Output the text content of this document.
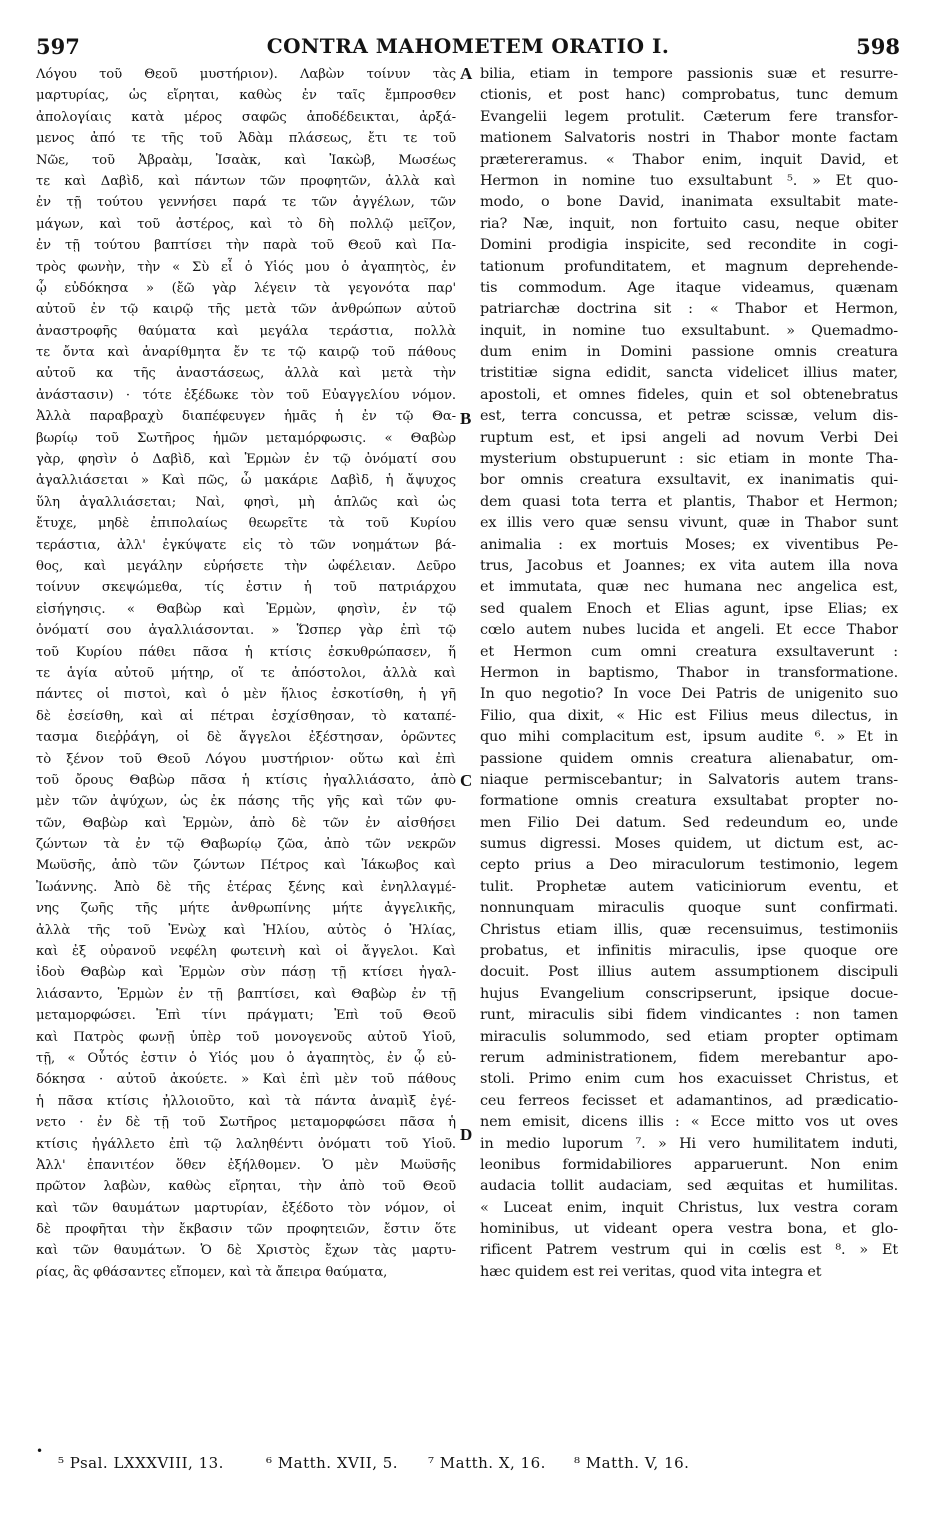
597	CONTRA MAHOMETEM ORATIO I.	598
Λόγου τοῦ Θεοῦ μυστήριον). Λαβὼν τοίνυν τὰς
μαρτυρίας, ὡς εἴρηται, καθὼς ἐν ταῖς ἔμπροσθεν
ἀπολογίαις κατὰ μέρος σαφῶς ἀποδέδεικται, ἀρξά-
μενος ἀπό τε τῆς τοῦ Ἀδὰμ πλάσεως, ἔτι τε τοῦ
Νῶε, τοῦ Ἀβραὰμ, Ἰσαὰκ, καὶ Ἰακὼβ, Μωσέως
τε καὶ Δαβὶδ, καὶ πάντων τῶν προφητῶν, ἀλλὰ καὶ
ἐν τῇ τούτου γεννήσει παρά τε τῶν ἀγγέλων, τῶν
μάγων, καὶ τοῦ ἀστέρος, καὶ τὸ δὴ πολλῷ μεῖζον,
ἐν τῇ τούτου βαπτίσει τὴν παρὰ τοῦ Θεοῦ καὶ Πα-
τρὸς φωνὴν, τὴν « Σὺ εἶ ὁ Υἱός μου ὁ ἀγαπητὸς, ἐν
ᾧ εὐδόκησα » (ἔῶ γὰρ λέγειν τὰ γεγονότα παρ'
αὐτοῦ ἐν τῷ καιρῷ τῆς μετὰ τῶν ἀνθρώπων αὐτοῦ
ἀναστροφῆς θαύματα καὶ μεγάλα τεράστια, πολλὰ
τε ὄντα καὶ ἀναρίθμητα ἔν τε τῷ καιρῷ τοῦ πάθους
αὐτοῦ κα τῆς ἀναστάσεως, ἀλλὰ καὶ μετὰ τὴν
ἀνάστασιν) · τότε ἐξέδωκε τὸν τοῦ Εὐαγγελίου νόμον.
Ἀλλὰ παραβραχὺ διαπέφευγεν ἡμᾶς ἡ ἐν τῷ Θα-
βωρίῳ τοῦ Σωτῆρος ἡμῶν μεταμόρφωσις. « Θαβὼρ
γὰρ, φησὶν ὁ Δαβὶδ, καὶ Ἑρμὼν ἐν τῷ ὀνόματί σου
ἀγαλλιάσεται » Καὶ πῶς, ὦ μακάριε Δαβὶδ, ἡ ἄψυχος
ὕλη ἀγαλλιάσεται; Ναὶ, φησὶ, μὴ ἁπλῶς καὶ ὡς
ἔτυχε, μηδὲ ἐπιπολαίως θεωρεῖτε τὰ τοῦ Κυρίου
τεράστια, ἀλλ' ἐγκύψατε εἰς τὸ τῶν νοημάτων βά-
θος, καὶ μεγάλην εὑρήσετε τὴν ὠφέλειαν. Δεῦρο
τοίνυν σκεψώμεθα, τίς ἐστιν ἡ τοῦ πατριάρχου
εἰσήγησις. « Θαβὼρ καὶ Ἑρμὼν, φησὶν, ἐν τῷ
ὀνόματί σου ἀγαλλιάσονται. » Ὥσπερ γὰρ ἐπὶ τῷ
τοῦ Κυρίου πάθει πᾶσα ἡ κτίσις ἐσκυθρώπασεν, ἥ
τε ἁγία αὐτοῦ μήτηρ, οἵ τε ἀπόστολοι, ἀλλὰ καὶ
πάντες οἱ πιστοὶ, καὶ ὁ μὲν ἥλιος ἐσκοτίσθη, ἡ γῆ
δὲ ἐσείσθη, καὶ αἱ πέτραι ἐσχίσθησαν, τὸ καταπέ-
τασμα διεῤῥάγη, οἱ δὲ ἄγγελοι ἐξέστησαν, ὁρῶντες
τὸ ξένον τοῦ Θεοῦ Λόγου μυστήριον· οὕτω καὶ ἐπὶ
τοῦ ὄρους Θαβὼρ πᾶσα ἡ κτίσις ἠγαλλιάσατο, ἀπὸ
μὲν τῶν ἀψύχων, ὡς ἐκ πάσης τῆς γῆς καὶ τῶν φυ-
τῶν, Θαβὼρ καὶ Ἑρμὼν, ἀπὸ δὲ τῶν ἐν αἰσθήσει
ζώντων τὰ ἐν τῷ Θαβωρίῳ ζῶα, ἀπὸ τῶν νεκρῶν
Μωϋσῆς, ἀπὸ τῶν ζώντων Πέτρος καὶ Ἰάκωβος καὶ
Ἰωάννης. Ἀπὸ δὲ τῆς ἑτέρας ξένης καὶ ἐνηλλαγμέ-
νης ζωῆς τῆς μήτε ἀνθρωπίνης μήτε ἀγγελικῆς,
ἀλλὰ τῆς τοῦ Ἐνὼχ καὶ Ἠλίου, αὐτὸς ὁ Ἠλίας,
καὶ ἐξ οὐρανοῦ νεφέλη φωτεινὴ καὶ οἱ ἄγγελοι. Καὶ
ἰδοὺ Θαβὼρ καὶ Ἑρμὼν σὺν πάσῃ τῇ κτίσει ἠγαλ-
λιάσαντο, Ἑρμὼν ἐν τῇ βαπτίσει, καὶ Θαβὼρ ἐν τῇ
μεταμορφώσει. Ἐπὶ τίνι πράγματι; Ἐπὶ τοῦ Θεοῦ
καὶ Πατρὸς φωνῇ ὑπὲρ τοῦ μονογενοῦς αὐτοῦ Υἱοῦ,
τῇ, « Οὗτός ἐστιν ὁ Υἱός μου ὁ ἀγαπητὸς, ἐν ᾧ εὐ-
δόκησα · αὐτοῦ ἀκούετε. » Καὶ ἐπὶ μὲν τοῦ πάθους
ἡ πᾶσα κτίσις ἠλλοιοῦτο, καὶ τὰ πάντα ἀναμὶξ ἐγέ-
νετο · ἐν δὲ τῇ τοῦ Σωτῆρος μεταμορφώσει πᾶσα ἡ
κτίσις ἠγάλλετο ἐπὶ τῷ λαληθέντι ὀνόματι τοῦ Υἱοῦ.
Ἀλλ' ἐπανιτέον ὅθεν ἐξήλθομεν. Ὁ μὲν Μωϋσῆς
πρῶτον λαβὼν, καθὼς εἴρηται, τὴν ἀπὸ τοῦ Θεοῦ
καὶ τῶν θαυμάτων μαρτυρίαν, ἐξέδοτο τὸν νόμον, οἱ
δὲ προφῆται τὴν ἔκβασιν τῶν προφητειῶν, ἔστιν ὅτε
καὶ τῶν θαυμάτων. Ὁ δὲ Χριστὸς ἔχων τὰς μαρτυ-
ρίας, ἃς φθάσαντες εἴπομεν, καὶ τὰ ἄπειρα θαύματα,
A
B
C
D
bilia, etiam in tempore passionis suæ et resurre-
ctionis, et post hanc) comprobatus, tunc demum
Evangelii legem protulit. Cæterum fere transfor-
mationem Salvatoris nostri in Thabor monte factam
prætereramus. « Thabor enim, inquit David, et
Hermon in nomine tuo exsultabunt ⁵. » Et quo-
modo, o bone David, inanimata exsultabit mate-
ria? Næ, inquit, non fortuito casu, neque obiter
Domini prodigia inspicite, sed recondite in cogi-
tationum profunditatem, et magnum deprehende-
tis commodum. Age itaque videamus, quænam
patriarchæ doctrina sit : « Thabor et Hermon,
inquit, in nomine tuo exsultabunt. » Quemadmo-
dum enim in Domini passione omnis creatura
tristitiæ signa edidit, sancta videlicet illius mater,
apostoli, et omnes fideles, quin et sol obtenebratus
est, terra concussa, et petræ scissæ, velum dis-
ruptum est, et ipsi angeli ad novum Verbi Dei
mysterium obstupuerunt : sic etiam in monte Tha-
bor omnis creatura exsultavit, ex inanimatis qui-
dem quasi tota terra et plantis, Thabor et Hermon;
ex illis vero quæ sensu vivunt, quæ in Thabor sunt
animalia : ex mortuis Moses; ex viventibus Pe-
trus, Jacobus et Joannes; ex vita autem illa nova
et immutata, quæ nec humana nec angelica est,
sed qualem Enoch et Elias agunt, ipse Elias; ex
cœlo autem nubes lucida et angeli. Et ecce Thabor
et Hermon cum omni creatura exsultaverunt :
Hermon in baptismo, Thabor in transformatione.
In quo negotio? In voce Dei Patris de unigenito suo
Filio, qua dixit, « Hic est Filius meus dilectus, in
quo mihi complacitum est, ipsum audite ⁶. » Et in
passione quidem omnis creatura alienabatur, om-
niaque permiscebantur; in Salvatoris autem trans-
formatione omnis creatura exsultabat propter no-
men Filio Dei datum. Sed redeundum eo, unde
sumus digressi. Moses quidem, ut dictum est, ac-
cepto prius a Deo miraculorum testimonio, legem
tulit. Prophetæ autem vaticiniorum eventu, et
nonnunquam miraculis quoque sunt confirmati.
Christus etiam illis, quæ recensuimus, testimoniis
probatus, et infinitis miraculis, ipse quoque ore
docuit. Post illius autem assumptionem discipuli
hujus Evangelium conscripserunt, ipsique docue-
runt, miraculis sibi fidem vindicantes : non tamen
miraculis solummodo, sed etiam propter optimam
rerum administrationem, fidem merebantur apo-
stoli. Primo enim cum hos exacuisset Christus, et
ceu ferreos fecisset et adamantinos, ad prædicatio-
nem emisit, dicens illis : « Ecce mitto vos ut oves
in medio luporum ⁷. » Hi vero humilitatem induti,
leonibus formidabiliores apparuerunt. Non enim
audacia tollit audaciam, sed æquitas et humilitas.
« Luceat enim, inquit Christus, lux vestra coram
hominibus, ut videant opera vestra bona, et glo-
rificent Patrem vestrum qui in cœlis est ⁸. » Et
hæc quidem est rei veritas, quod vita integra et
•
⁵ Psal. LXXXVIII, 13.	⁶ Matth. XVII, 5. ⁷ Matth. X, 16. ⁸ Matth. V, 16.
